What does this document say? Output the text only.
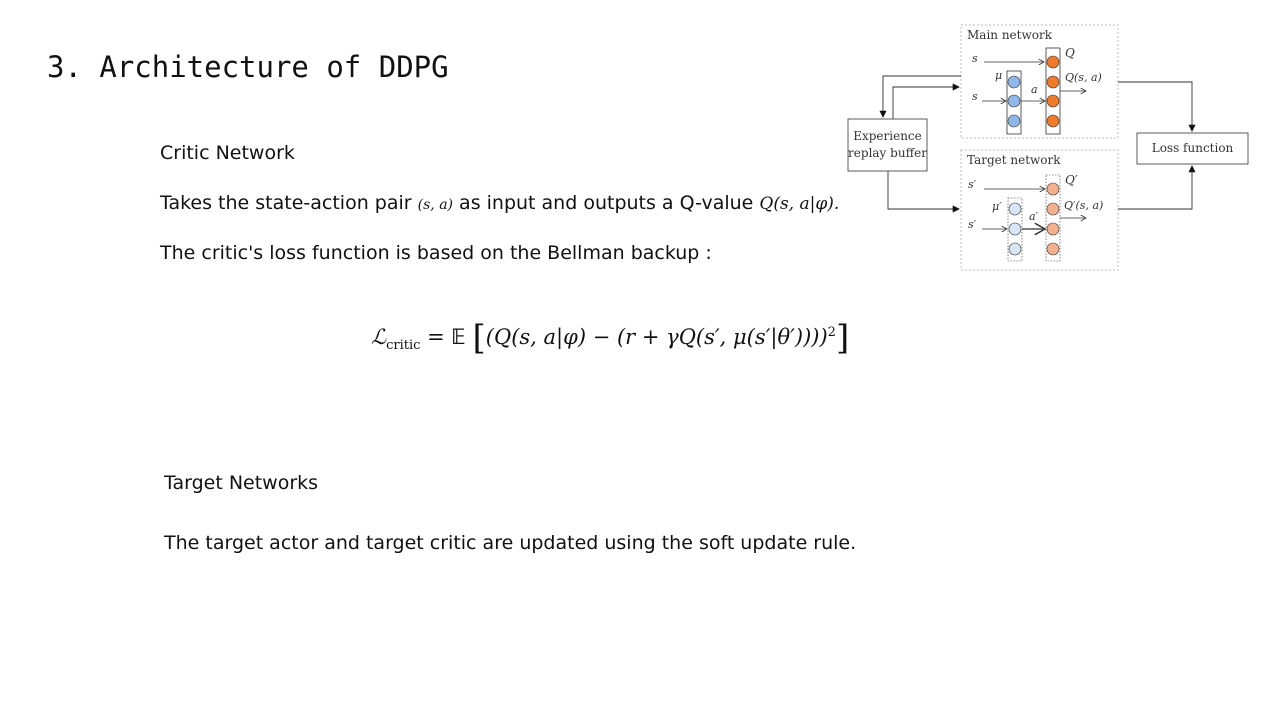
3. Architecture of DDPG
Critic Network
Takes the state-action pair (s, a) as input and outputs a Q-value Q(s, a|φ).
The critic's loss function is based on the Bellman backup :
ℒ$_{critic}$ = 𝔼 [(Q(s, a|φ) − (r + γQ(s′, μ(s′|θ′))))$^2$]
Target Networks
The target actor and target critic are updated using the soft update rule.
Main network
s
μ
s
a
Q
Q(s, a)
Target network
s′
μ′
s′
a′
Q′
Q′(s, a)
Experience
replay buffer	Loss function
